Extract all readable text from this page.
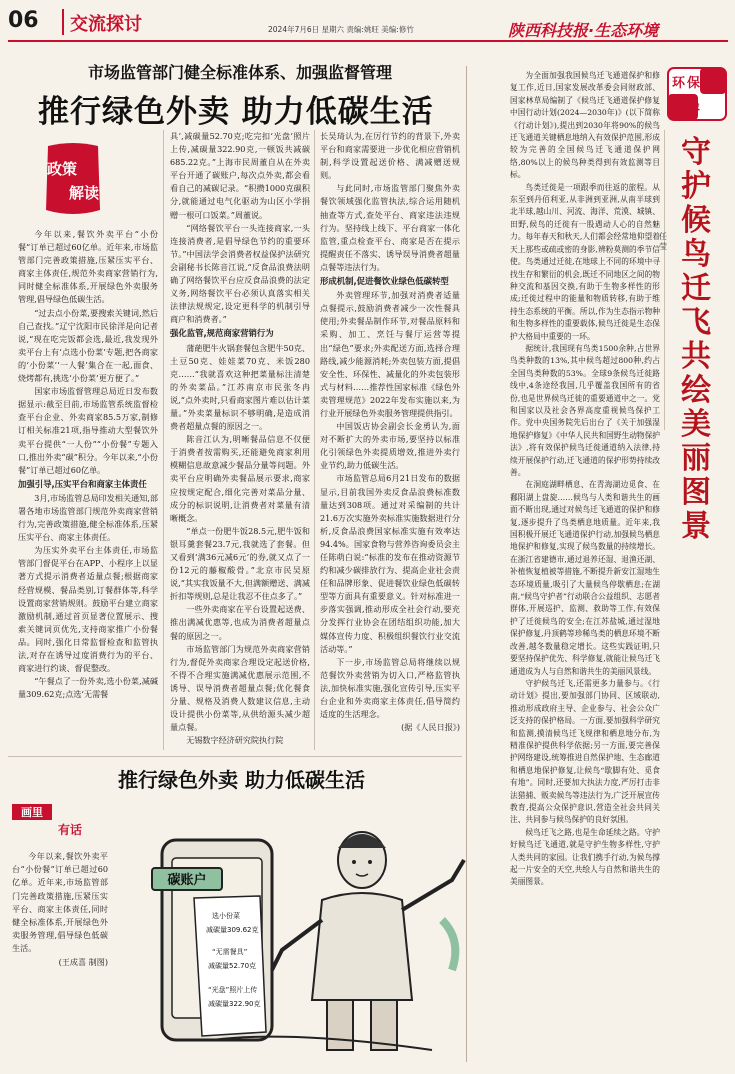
06 交流探讨	2024年7月6日 星期六 责编:姚旺 美编:修竹	陕西科技报·生态环境
市场监管部门健全标准体系、加强监督管理
推行绿色外卖 助力低碳生活
政策
解读

今年以来,餐饮外卖平台“小份餐”订单已超过60亿单。近年来,市场监管部门完善政策措施,压紧压实平台、商家主体责任,规范外卖商家营销行为,同时健全标准体系,开展绿色外卖服务管理,倡导绿色低碳生活。

“过去点小份菜,要搜索关键词,然后自己查找。”辽宁沈阳市民徐洋是向记者说,“现在吃完饭都会选,最近,我发现外卖平台上有‘点选小份菜’专题,把各商家的‘小份菜’‘一人餐’集合在一起,面食、烧烤都有,挑选‘小份菜’更方便了。”

国家市场监督管理总局近日发布数据显示:截至目前,市场监管系统监督检查平台企业、外卖商家85.5万家,制修订相关标准21项,指导推动大型餐饮外卖平台提供“一人份”“小份餐”专题入口,推出外卖“碳”积分。今年以来,“小份餐”订单已超过60亿单。

加强引导,压实平台和商家主体责任

3月,市场监管总局印发相关通知,部署各地市场监管部门规范外卖商家营销行为,完善政策措施,健全标准体系,压紧压实平台、商家主体责任。

为压实外卖平台主体责任,市场监管部门督促平台在APP、小程序上以显著方式提示消费者适量点餐;根据商家经营规模、餐品类别,订餐群体等,科学设置商家营销规则。鼓励平台建立商家激励机制,通过首页显著位置展示、搜索关键词页优先,支持商家推广小份餐品。同时,强化日常监督检查和监管执法,对存在诱导过度消费行为的平台、商家进行约谈、督促整改。

“午餐点了一份外卖,选小份菜,减碱量309.62克;点选‘无需餐

具’,减碳量52.70克;吃完扣‘光盘’照片上传,减碳量322.90克,一顿饭共减碳685.22克。”上海市民周董自从在外卖平台开通了碳账户,每次点外卖,都会看看自己的减碳记录。“积攒1000克碳积分,就能通过电气化驱动为山区小学捐赠一根可口饭菜。”周董说。

“网络餐饮平台一头连接商家,一头连接消费者,是倡导绿色节约的重要环节。”中国法学会消费者权益保护法研究会副秘书长陈音江说,“反食品浪费法明确了网络餐饮平台应反食品浪费的法定义务,网络餐饮平台必须认真落实相关法律法规规定,设定更科学的机制引导商户和消费者。”

强化监管,规范商家营销行为

蒲葩肥牛火锅套餐包含肥牛50克、土豆50克、娃娃菜70克、米饭280克……“我就喜欢这种把菜量标注清楚的外卖菜品。”江苏南京市民张冬冉说,“点外卖时,只看商家图片难以估计菜量。”外卖菜量标识不够明确,是造成消费者超量点餐的原因之一。

陈音江认为,明晰餐品信息不仅便于消费者按需购买,还能避免商家利用模糊信息故意减少餐品分量等问题。外卖平台应明确外卖餐品展示要求,商家应按规定配合,细化完善对菜品分量、成分的标识说明,让消费者对菜量有清晰概念。

“单点一份肥牛饭28.5元,肥牛饭和银耳羹套餐23.7元,我就选了套餐。但又看到‘满36元减6元’的券,就又点了一份12元的藤椒酸骨。”北京市民吴原说,“其实我饭量不大,但满额赠送、满减折扣等规则,总是让我忍不住点多了。”

一些外卖商家在平台设置起送费、推出满减优惠等,也成为消费者超量点餐的原因之一。

市场监管部门为规范外卖商家营销行为,督促外卖商家合理设定起送价格,不得不合理实施满减优惠展示范围,不诱导、误导消费者超量点餐;优化餐食分量、规格及消费人数建议信息,主动设计提供小份菜等,从供给源头减少超量点餐。

无锡数字经济研究院执行院

长吴琦认为,在厉行节约的背景下,外卖平台和商家需要进一步优化相应营销机制,科学设置起送价格、满减赠送规则。

与此同时,市场监管部门聚焦外卖餐饮领域强化监管执法,综合运用随机抽查等方式,查处平台、商家违法违规行为。坚持线上线下、平台商家一体化监管,重点检查平台、商家是否在提示提醒责任不落实、诱导误导消费者超量点餐等违法行为。

形成机制,促进餐饮业绿色低碳转型

外卖管理环节,加强对消费者适量点餐提示,鼓励消费者减少一次性餐具使用;外卖餐品制作环节,对餐品原料和采购、加工、烹饪与餐厅运营等提出“绿色”要求;外卖配送方面,选择合理路线,减少能源消耗;外卖包装方面,提倡安全性、环保性、减量化的外卖包装形式与材料……推荐性国家标准《绿色外卖管理规范》2022年发布实施以来,为行业开展绿色外卖服务管理提供指引。

中国饭店协会副会长金勇认为,面对不断扩大的外卖市场,要坚持以标准化引领绿色外卖提质增效,推进外卖行业节约,助力低碳生活。

市场监管总局6月21日发布的数据显示,目前我国外卖反食品浪费标准数量达到308项。通过对采编制的共计21.6万次实施外卖标准实施数据进行分析,反食品浪费国家标准实施有效率达94.4%。国家食物与营养咨询委员会主任陈萌白说:“标准的发布在推动资源节约和减少碳排放行为、提高企业社会责任和品牌形象、促进餐饮业绿色低碳转型等方面具有重要意义。针对标准进一步落实强调,推动形成全社会行动,要充分发挥行业协会在团结组织功能,加大媒体宣传力度、积极组织餐饮行业交流活动等。”

下一步,市场监管总局将继续以规范餐饮外卖营销为切入口,严格监管执法,加快标准实施,强化宣传引导,压实平台企业和外卖商家主体责任,倡导简约适度的生活理念。

(据《人民日报》)

为全面加强我国候鸟迁飞通道保护和修复工作,近日,国家发展改革委会同财政部、国家林草局编制了《候鸟迁飞通道保护修复中国行动计划(2024—2030年)》(以下简称《行动计划》),提出到2030年将90%的候鸟迁飞通道关键栖息地纳入有效保护范围,形成较为完善的全国候鸟迁飞通道保护网络,80%以上的候鸟种类得到有效监测等目标。

鸟类迁徙是一项跟季而往返的旅程。从东至到丹佰利亚,从非洲到亚洲,从南半球到北半球,越山川、河流、海洋、荒漠、城镇、田野,候鸟的迁徙有一股遇动人心的自然魅力。每年春天和秋天,人们都会经常地仰望着天上那些或疏或密的身影,辨粉莫测的季节信使。鸟类通过迁徙,在地球上不同的环境中寻找生存和繁衍的机会,既迁不同地区之间的物种交流和基因交换,有助于生物多样性的形成;迁徙过程中的能量和物质转移,有助于维持生态系统的平衡。所以,作为生态指示物种和生物多样性的重要载体,候鸟迁徙是生态保护大格局中重要的一环。

据统计,我国现有鸟类1500余种,占世界鸟类种数的13%,其中候鸟超过800种,约占全国鸟类种数的53%。全球9条候鸟迁徙路线中,4条途经我国,几乎覆盖我国所有的省份,也是世界候鸟迁徙的重要通道中之一。党和国家以及社会各界高度重视候鸟保护工作。党中央国务院先后出台了《关于加强湿地保护修复》《中华人民共和国野生动物保护法》,将有效保护候鸟迁徙通道纳入法律,持续开展保护行动,迁飞通道的保护形势持续改善。

在洞庭湖畔栖息、在青海湖边觅食、在鄱阳湖上盘旋……候鸟与人类和谐共生的画面不断出现,通过对候鸟迁飞通道的保护和修复,逐步提升了鸟类栖息地质量。近年来,我国积极开展迁飞通道保护行动,加强候鸟栖息地保护和修复,实现了候鸟数量的持续增长。在浙江省建德市,通过退养还湿、退渔还湖、补植恢复植被等措施,不断提升新安江湿地生态环境质量,吸引了大量候鸟停歇栖息;在湖南,“候鸟守护者”行动联合公益组织、志愿者群体,开展巡护、监测、救助等工作,有效保护了迁徙候鸟的安全;在江苏盐城,通过湿地保护修复,丹顶鹤等珍稀鸟类的栖息环境不断改善,越冬数量稳定增长。这些实践证明,只要坚持保护优先、科学修复,就能让候鸟迁飞通道成为人与自然和谐共生的美丽风景线。

守护候鸟迁飞,还需更多力量参与。《行动计划》提出,要加强部门协同、区域联动,推动形成政府主导、企业参与、社会公众广泛支持的保护格局。一方面,要加强科学研究和监测,摸清候鸟迁飞规律和栖息地分布,为精准保护提供科学依据;另一方面,要完善保护网络建设,统筹推进自然保护地、生态廊道和栖息地保护修复,让候鸟“歇脚有处、觅食有地”。同时,还要加大执法力度,严厉打击非法猎捕、贩卖候鸟等违法行为,广泛开展宣传教育,提高公众保护意识,营造全社会共同关注、共同参与候鸟保护的良好氛围。

候鸟迁飞之路,也是生命延续之路。守护好候鸟迁飞通道,就是守护生物多样性,守护人类共同的家园。让我们携手行动,为候鸟撑起一片安全的天空,共绘人与自然和谐共生的美丽图景。

环保
热评
守护候鸟迁飞 共绘美丽图景
任莹
推行绿色外卖 助力低碳生活
画里
有话
碳账户
选小份菜
减碳量309.62克
“无需餐具”
减碳量52.70克
“光盘”照片上传
减碳量322.90克

今年以来,餐饮外卖平台“小份餐”订单已超过60亿单。近年来,市场监管部门完善政策措施,压紧压实平台、商家主体责任,同时健全标准体系,开展绿色外卖服务管理,倡导绿色低碳生活。

(王成喜 制图)
